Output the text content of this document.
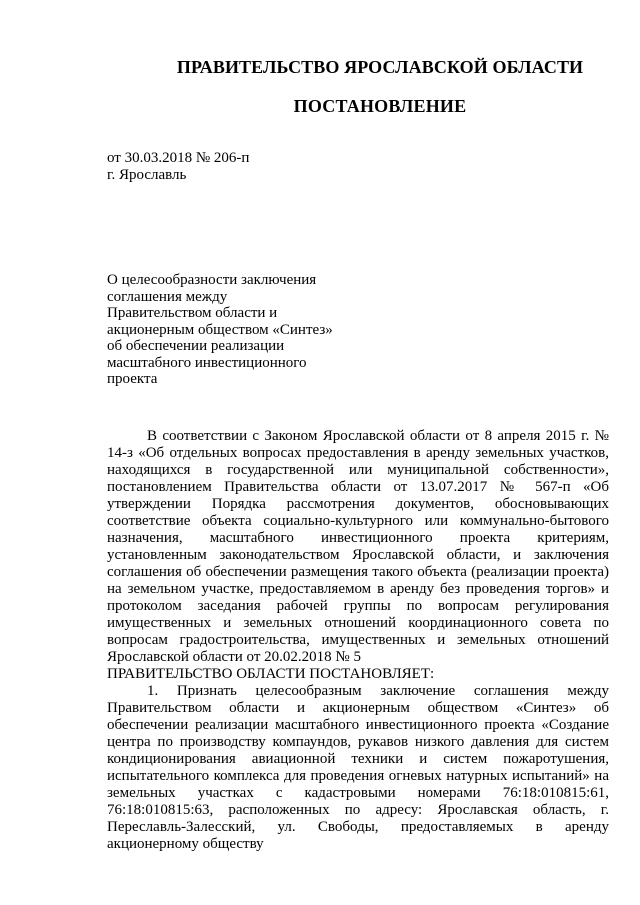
ПРАВИТЕЛЬСТВО ЯРОСЛАВСКОЙ ОБЛАСТИ
ПОСТАНОВЛЕНИЕ
от 30.03.2018 № 206-п
г. Ярославль
О целесообразности заключения
соглашения между
Правительством области и
акционерным обществом «Синтез»
об обеспечении реализации
масштабного инвестиционного
проекта

В соответствии с Законом Ярославской области от 8 апреля 2015 г. № 14-з «Об отдельных вопросах предоставления в аренду земельных участков, находящихся в государственной или муниципальной собственности», постановлением Правительства области от 13.07.2017 № 567-п «Об утверждении Порядка рассмотрения документов, обосновывающих соответствие объекта социально-культурного или коммунально-бытового назначения, масштабного инвестиционного проекта критериям, установленным законодательством Ярославской области, и заключения соглашения об обеспечении размещения такого объекта (реализации проекта) на земельном участке, предоставляемом в аренду без проведения торгов» и протоколом заседания рабочей группы по вопросам регулирования имущественных и земельных отношений координационного совета по вопросам градостроительства, имущественных и земельных отношений Ярославской области от 20.02.2018 № 5

ПРАВИТЕЛЬСТВО ОБЛАСТИ ПОСТАНОВЛЯЕТ:

1. Признать целесообразным заключение соглашения между Правительством области и акционерным обществом «Синтез» об обеспечении реализации масштабного инвестиционного проекта «Создание центра по производству компаундов, рукавов низкого давления для систем кондиционирования авиационной техники и систем пожаротушения, испытательного комплекса для проведения огневых натурных испытаний» на земельных участках с кадастровыми номерами 76:18:010815:61, 76:18:010815:63, расположенных по адресу: Ярославская область, г. Переславль-Залесский, ул. Свободы, предоставляемых в аренду акционерному обществу
